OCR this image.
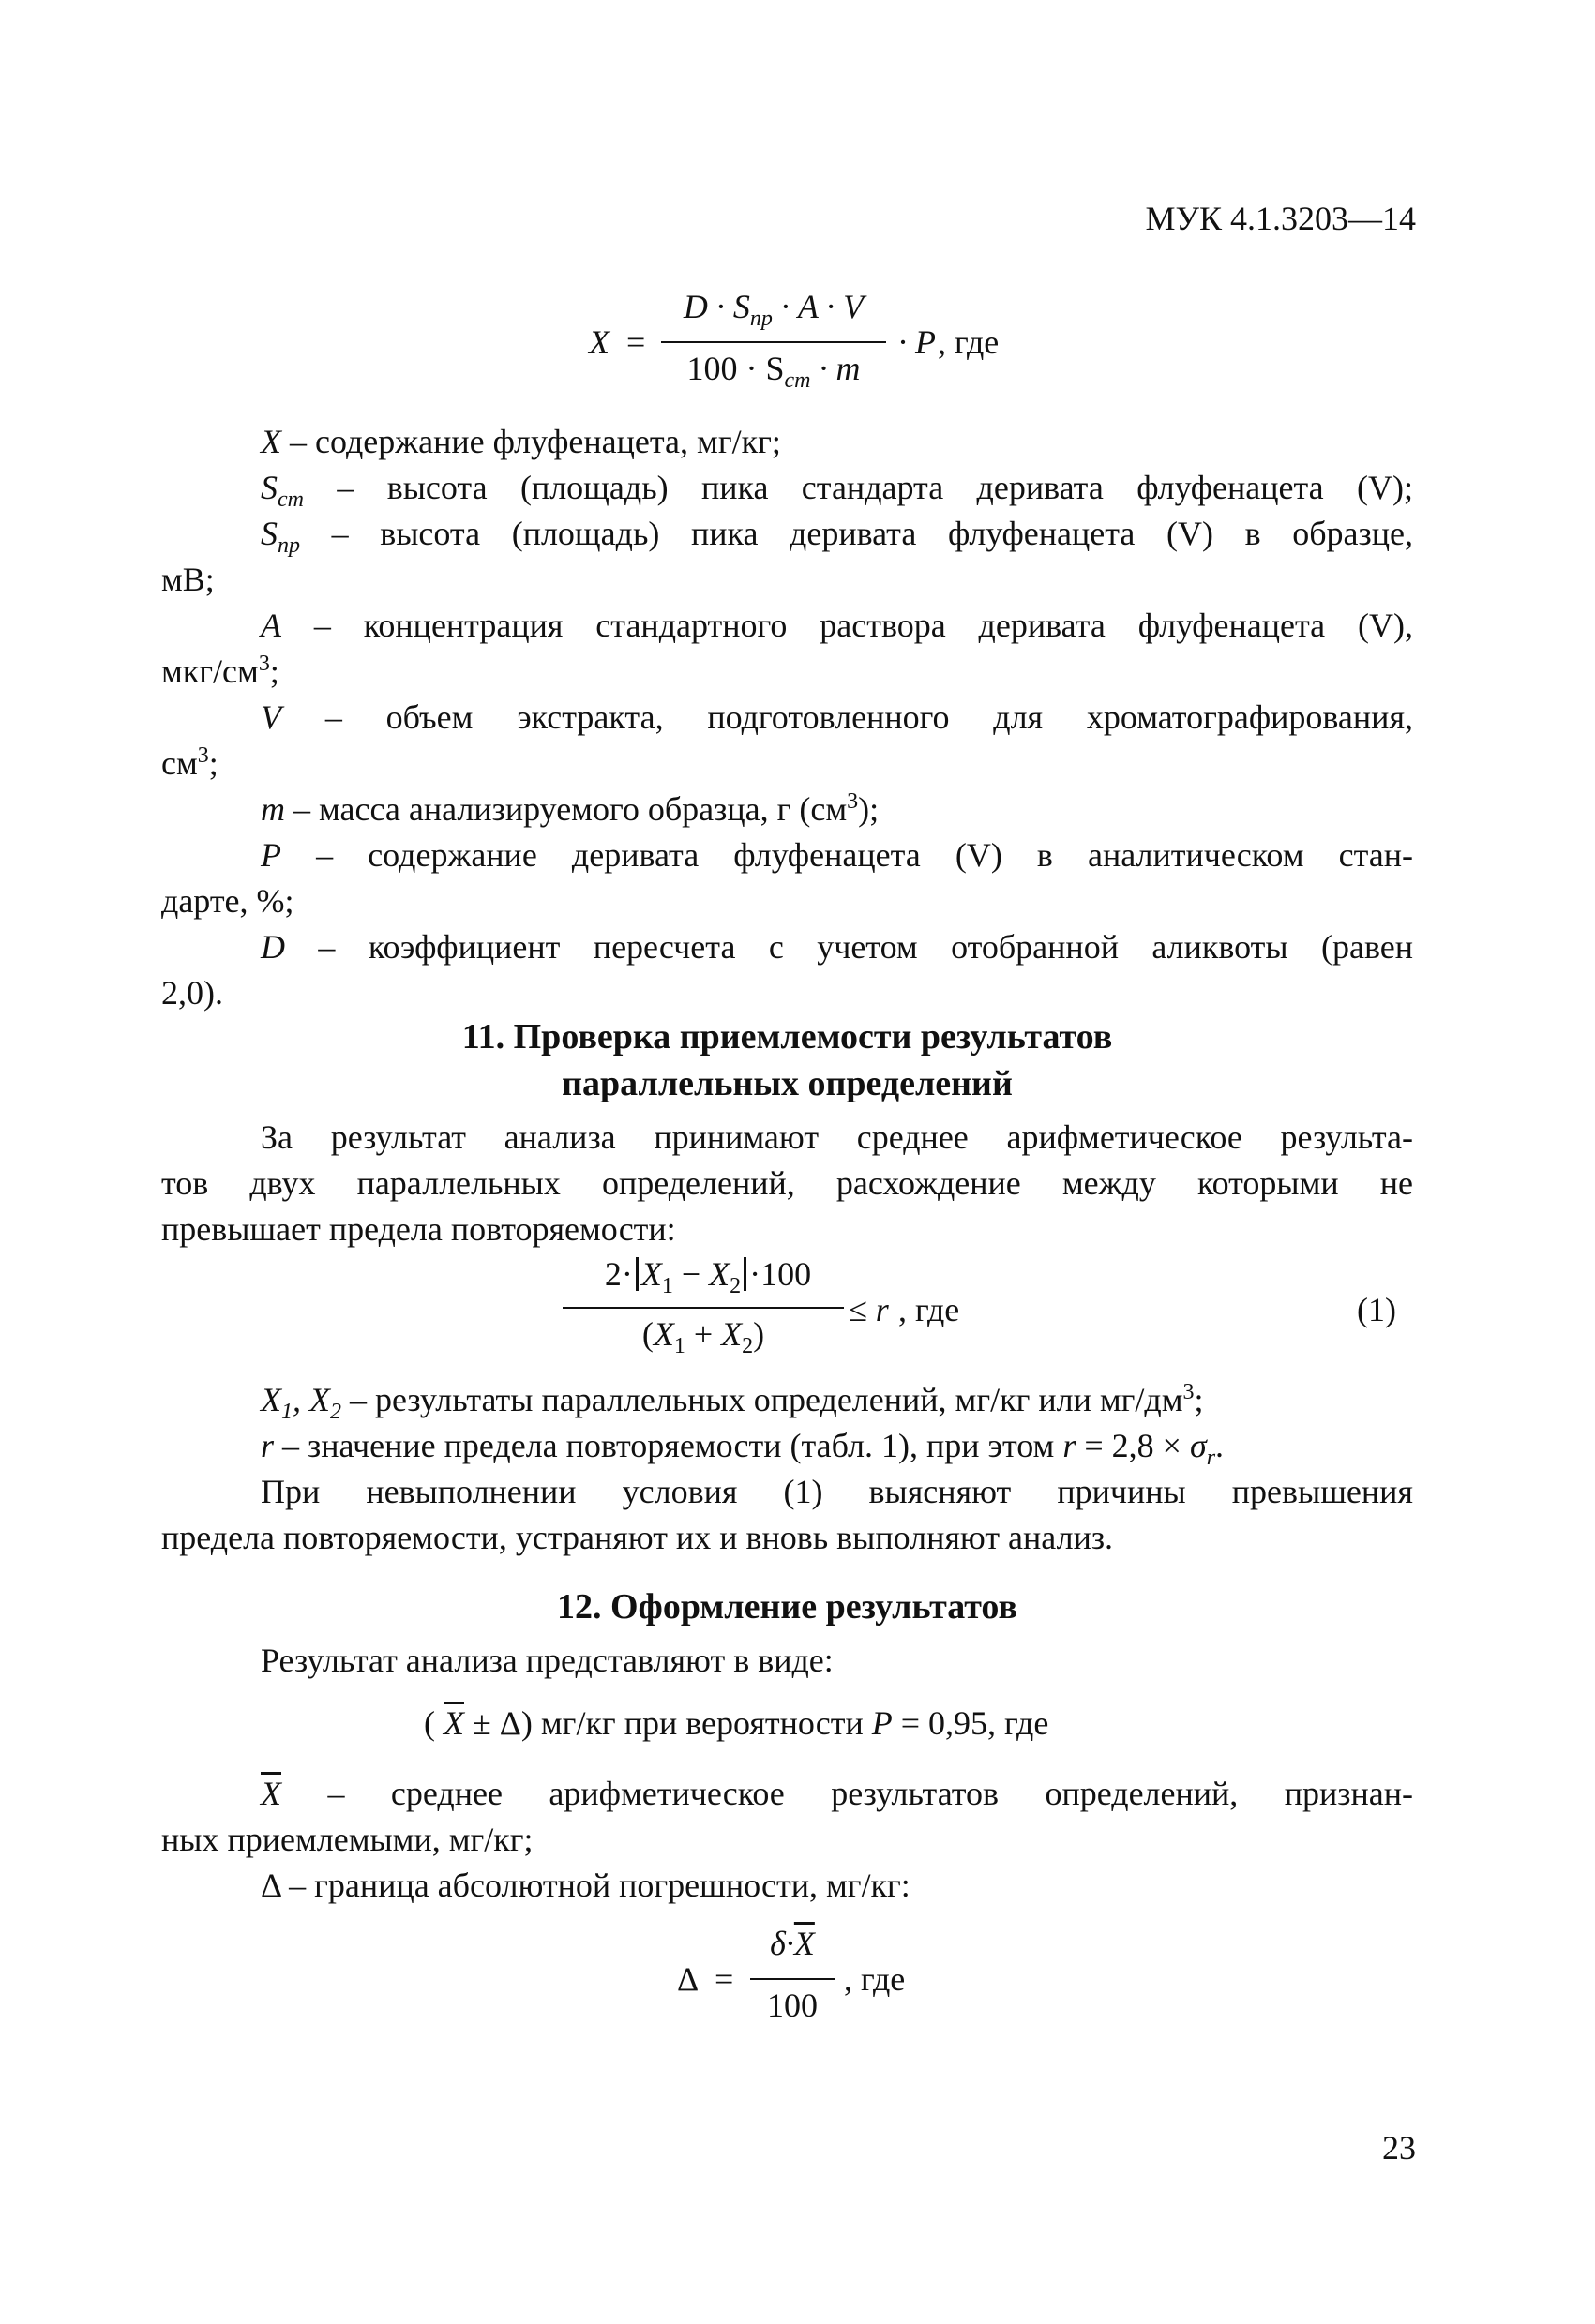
МУК 4.1.3203—14
X =
$D \cdot S_{пр} \cdot A \cdot V$
$100 \cdot S_{ст} \cdot m$
· P , где
X – содержание флуфенацета, мг/кг;
$S_{cm}$ – высота (площадь) пика стандарта деривата флуфенацета (V);
$S_{пр}$ – высота (площадь) пика деривата флуфенацета (V) в образце,
мВ;
A – концентрация стандартного раствора деривата флуфенацета (V),
мкг/$см^3$;
V – объем экстракта, подготовленного для хроматографирования,
$см^3$;
m – масса анализируемого образца, г $(см^3)$;
P – содержание деривата флуфенацета (V) в аналитическом стан-
дарте, %;
D – коэффициент пересчета с учетом отобранной аликвоты (равен
2,0).
11. Проверка приемлемости результатов
параллельных определений
За результат анализа принимают среднее арифметическое результа-
тов двух параллельных определений, расхождение между которыми не
превышает предела повторяемости:
$2\cdot X_1 - X_2 \cdot 100$
$(X_1 + X_2)$
≤ r , где	(1)
$X_1$, $X_2$ – результаты параллельных определений, мг/кг или $мг/дм^3$;
r – значение предела повторяемости (табл. 1), при этом $r = 2,8 \times \sigma_r$.
При невыполнении условия (1) выясняют причины превышения
предела повторяемости, устраняют их и вновь выполняют анализ.
12. Оформление результатов
Результат анализа представляют в виде:
( $\overline{X} \pm \Delta$) мг/кг при вероятности P = 0,95, где
$\overline{X}$ – среднее арифметическое результатов определений, признан-
ных приемлемыми, мг/кг;
Δ – граница абсолютной погрешности, мг/кг:
Δ =
$\delta\cdot\overline{X}$
100
, где
23
